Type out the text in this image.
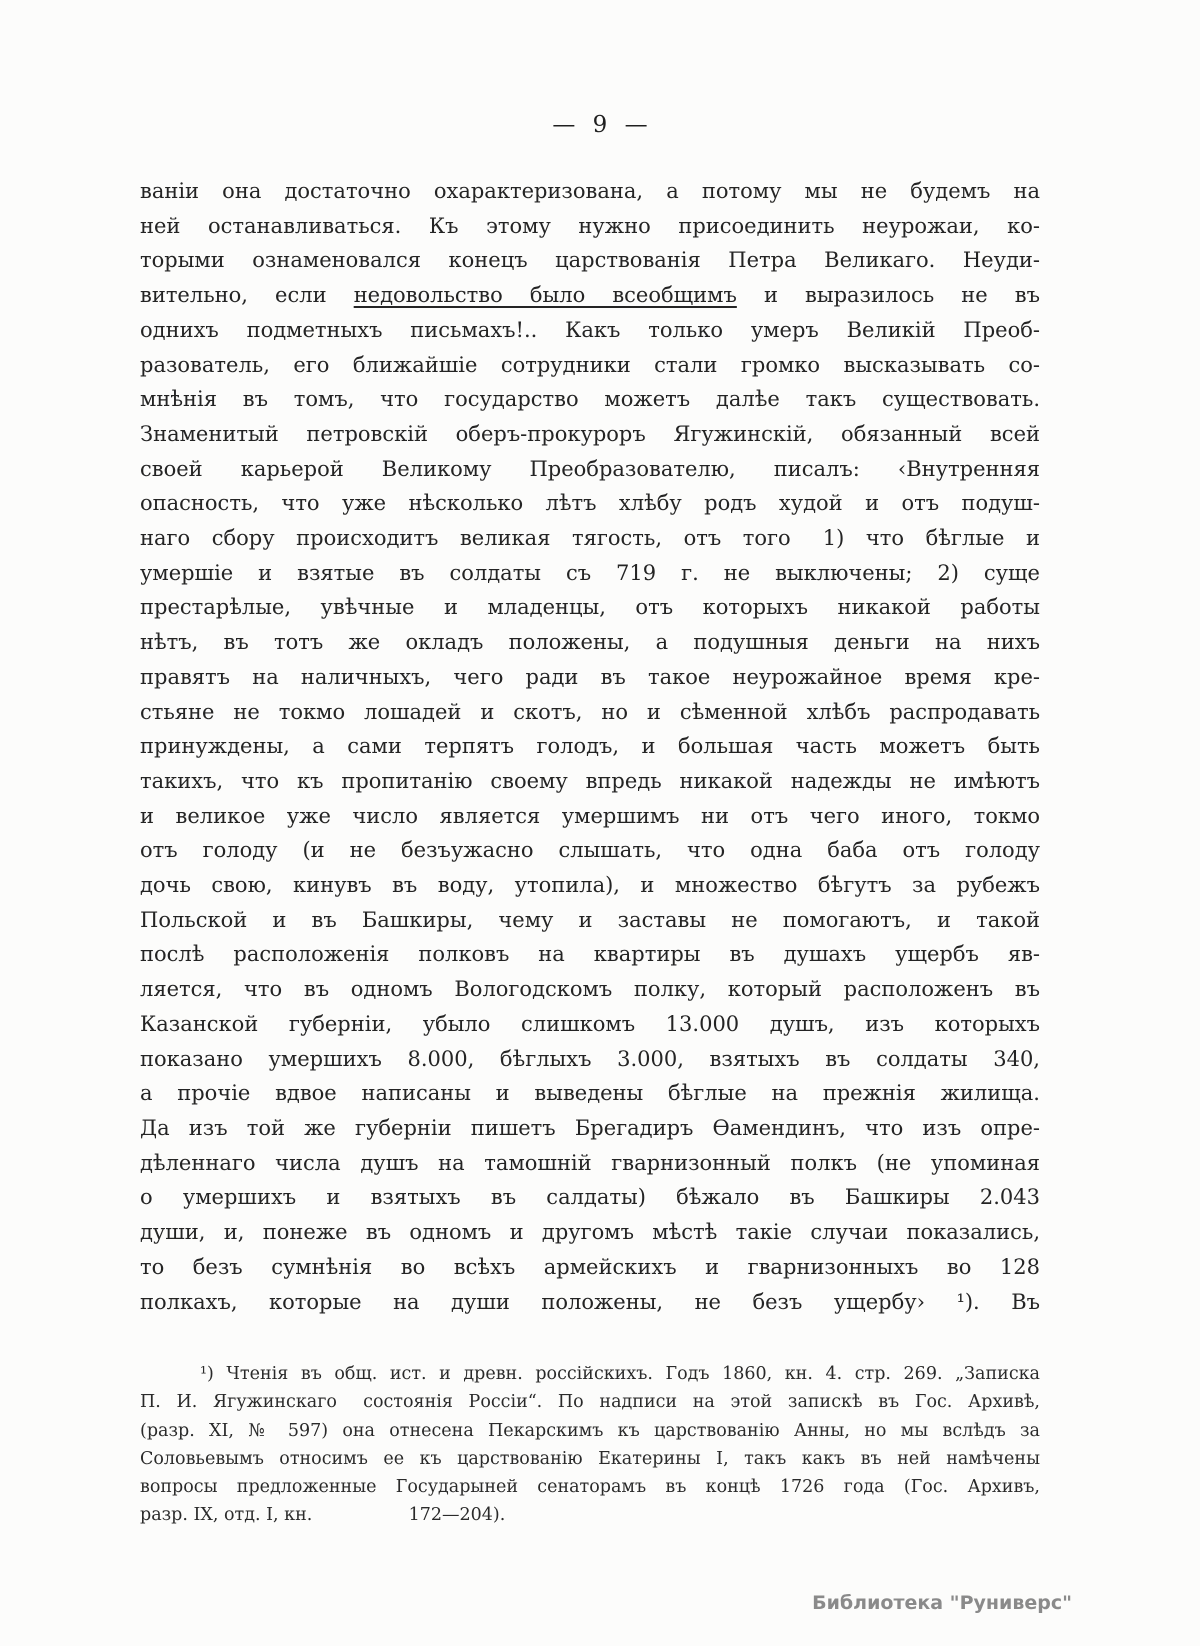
— 9 —
ваніи она достаточно охарактеризована, а потому мы не будемъ на
ней останавливаться. Къ этому нужно присоединить неурожаи, ко-
торыми ознаменовался конецъ царствованія Петра Великаго. Неуди-
вительно, если недовольство было всеобщимъ и выразилось не въ
однихъ подметныхъ письмахъ!.. Какъ только умеръ Великій Преоб-
разователь, его ближайшіе сотрудники стали громко высказывать со-
мнѣнія въ томъ, что государство можетъ далѣе такъ существовать.
Знаменитый петровскій оберъ-прокуроръ Ягужинскій, обязанный всей
своей карьерой Великому Преобразователю, писалъ: ‹Внутренняя
опасность, что уже нѣсколько лѣтъ хлѣбу родъ худой и отъ подуш-
наго сбору происходитъ великая тягость, отъ того  1) что бѣглые и
умершіе и взятые въ солдаты съ 719 г. не выключены; 2) суще
престарѣлые, увѣчные и младенцы, отъ которыхъ никакой работы
нѣтъ, въ тотъ же окладъ положены, а подушныя деньги на нихъ
правятъ на наличныхъ, чего ради въ такое неурожайное время кре-
стьяне не токмо лошадей и скотъ, но и сѣменной хлѣбъ распродавать
принуждены, а сами терпятъ голодъ, и большая часть можетъ быть
такихъ, что къ пропитанію своему впредь никакой надежды не имѣютъ
и великое уже число является умершимъ ни отъ чего иного, токмо
отъ голоду (и не безъужасно слышать, что одна баба отъ голоду
дочь свою, кинувъ въ воду, утопила), и множество бѣгутъ за рубежъ
Польской и въ Башкиры, чему и заставы не помогаютъ, и такой
послѣ расположенія полковъ на квартиры въ душахъ ущербъ яв-
ляется, что въ одномъ Вологодскомъ полку, который расположенъ въ
Казанской губерніи, убыло слишкомъ 13.000 душъ, изъ которыхъ
показано умершихъ 8.000, бѣглыхъ 3.000, взятыхъ въ солдаты 340,
а прочіе вдвое написаны и выведены бѣглые на прежнія жилища.
Да изъ той же губерніи пишетъ Брегадиръ Ѳамендинъ, что изъ опре-
дѣленнаго числа душъ на тамошній гварнизонный полкъ (не упоминая
о умершихъ и взятыхъ въ салдаты) бѣжало въ Башкиры 2.043
души, и, понеже въ одномъ и другомъ мѣстѣ такіе случаи показались,
то безъ сумнѣнія во всѣхъ армейскихъ и гварнизонныхъ во 128
полкахъ, которые на души положены, не безъ ущербу› ¹). Въ
¹) Чтенія въ общ. ист. и древн. россійскихъ. Годъ 1860, кн. 4. стр. 269. „Записка
П. И. Ягужинскаго  состоянія Россіи“. По надписи на этой запискѣ въ Гос. Архивѣ,
(разр. XI, № 597) она отнесена Пекарскимъ къ царствованію Анны, но мы вслѣдъ за
Соловьевымъ относимъ ее къ царствованію Екатерины I, такъ какъ въ ней намѣчены
вопросы предложенные Государыней сенаторамъ въ концѣ 1726 года (Гос. Архивъ,
разр. IX, отд. I, кн.      172—204).
Библиотека "Руниверс"
